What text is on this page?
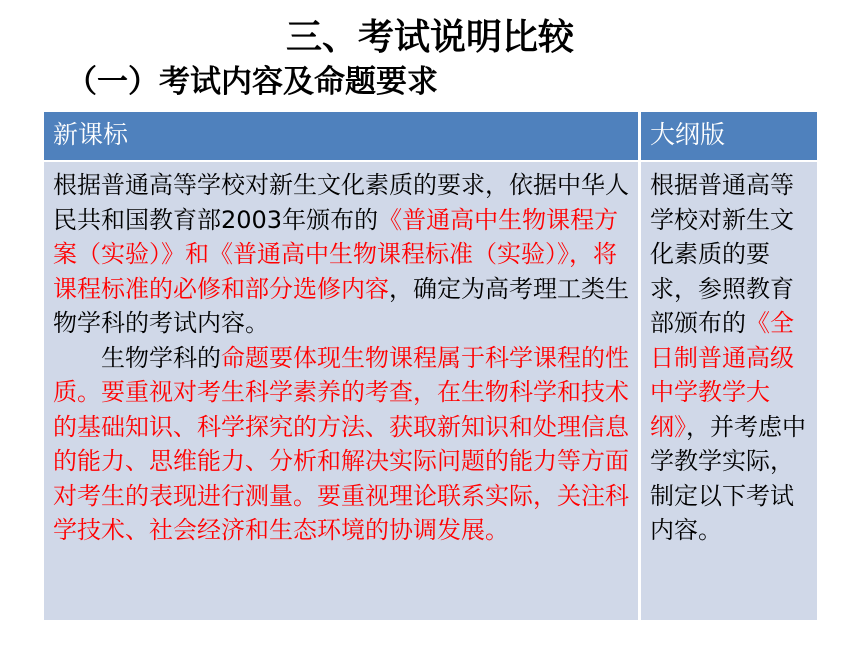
三、考试说明比较
（一）考试内容及命题要求
新课标	大纲版

根据普通高等学校对新生文化素质的要求，依据中华人民共和国教育部2003年颁布的《普通高中生物课程方案（实验）》和《普通高中生物课程标准（实验）》，将课程标准的必修和部分选修内容，确定为高考理工类生物学科的考试内容。

生物学科的命题要体现生物课程属于科学课程的性质。要重视对考生科学素养的考查，在生物科学和技术的基础知识、科学探究的方法、获取新知识和处理信息的能力、思维能力、分析和解决实际问题的能力等方面对考生的表现进行测量。要重视理论联系实际，关注科学技术、社会经济和生态环境的协调发展。

根据普通高等学校对新生文化素质的要求，参照教育部颁布的《全日制普通高级中学教学大纲》，并考虑中学教学实际，制定以下考试内容。
